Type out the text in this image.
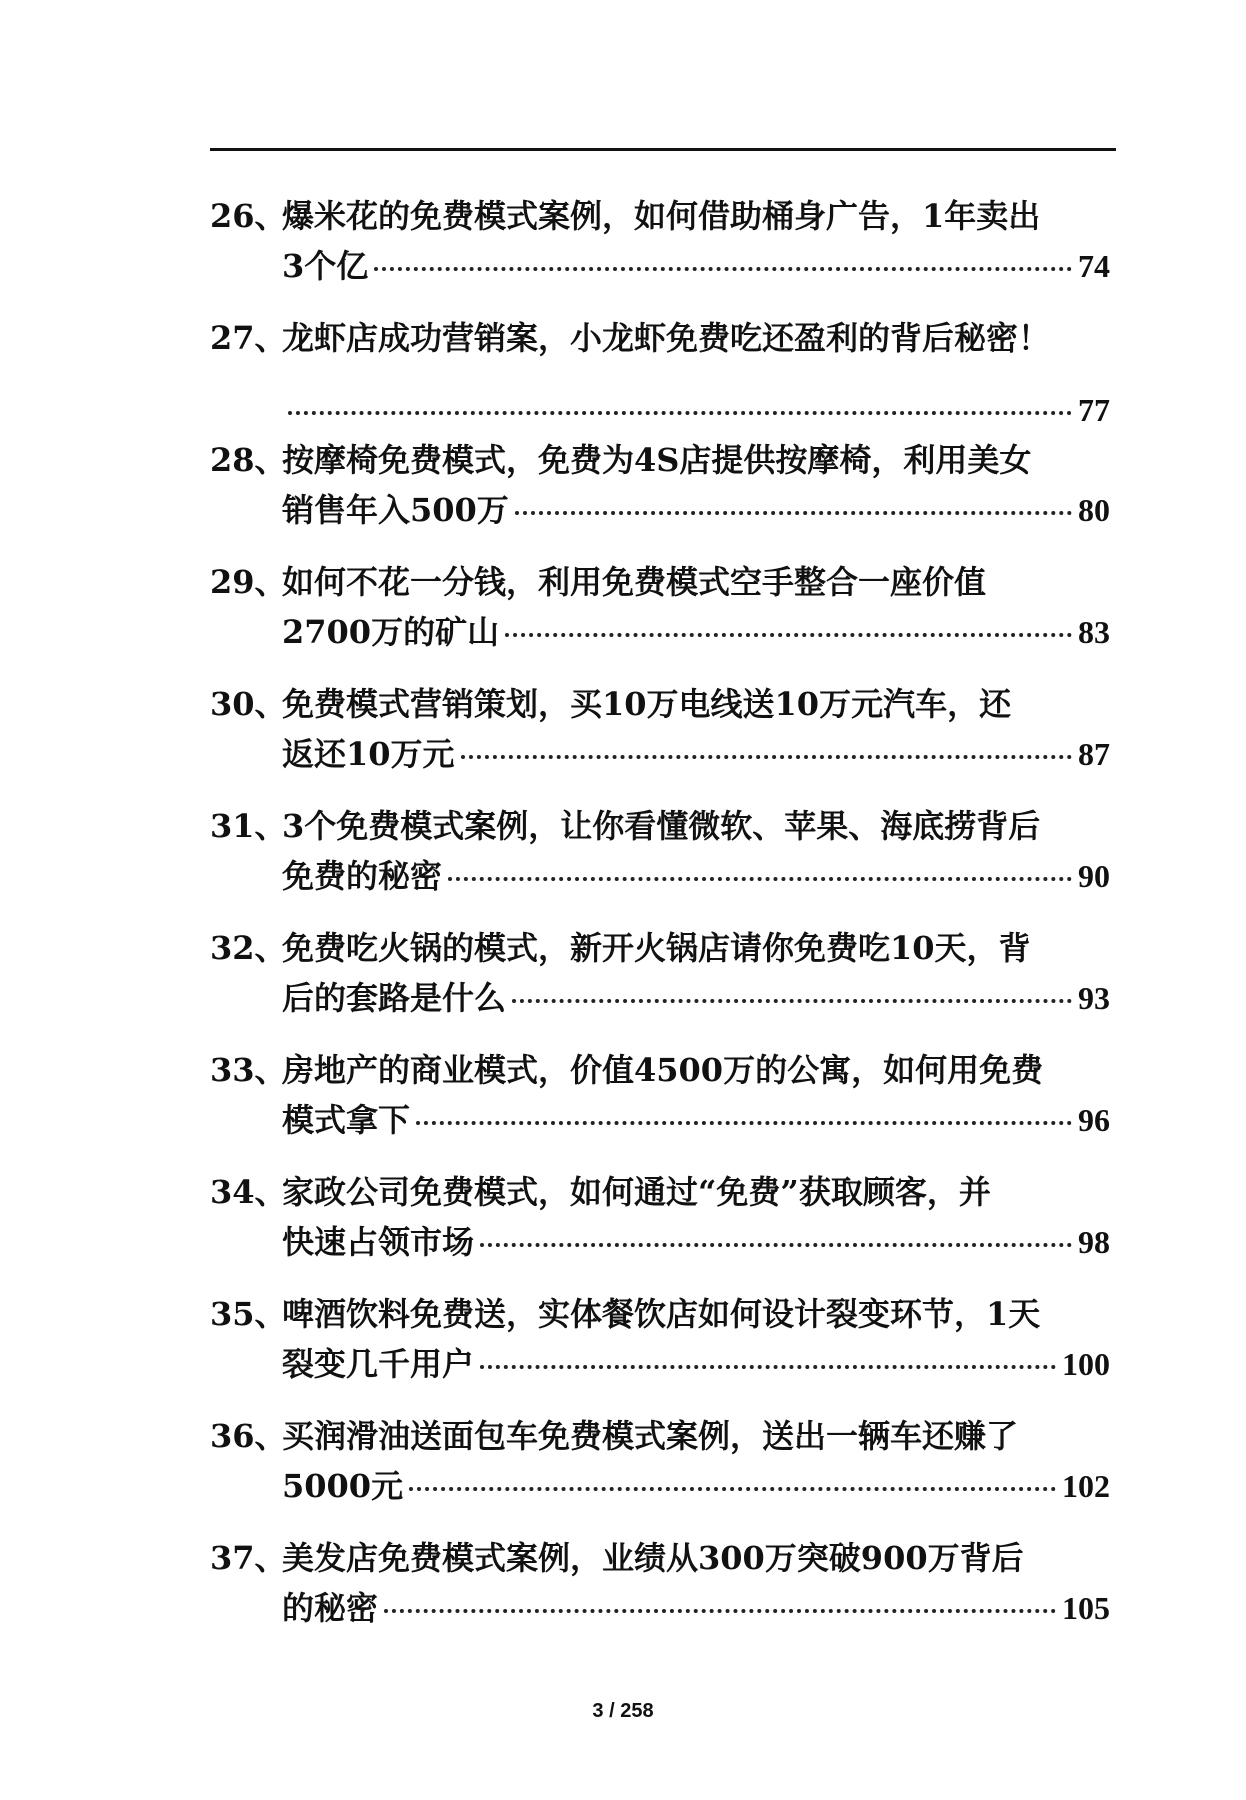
26、
爆米花的免费模式案例，如何借助桶身广告，1年卖出
3个亿	74
27、
龙虾店成功营销案，小龙虾免费吃还盈利的背后秘密！
77
28、
按摩椅免费模式，免费为4S店提供按摩椅，利用美女
销售年入500万	80
29、
如何不花一分钱，利用免费模式空手整合一座价值
2700万的矿山	83
30、
免费模式营销策划，买10万电线送10万元汽车，还
返还10万元	87
31、
3个免费模式案例，让你看懂微软、苹果、海底捞背后
免费的秘密	90
32、
免费吃火锅的模式，新开火锅店请你免费吃10天，背
后的套路是什么	93
33、
房地产的商业模式，价值4500万的公寓，如何用免费
模式拿下	96
34、
家政公司免费模式，如何通过“免费”获取顾客，并
快速占领市场	98
35、
啤酒饮料免费送，实体餐饮店如何设计裂变环节，1天
裂变几千用户	100
36、
买润滑油送面包车免费模式案例，送出一辆车还赚了
5000元	102
37、
美发店免费模式案例，业绩从300万突破900万背后
的秘密	105
3 / 258
